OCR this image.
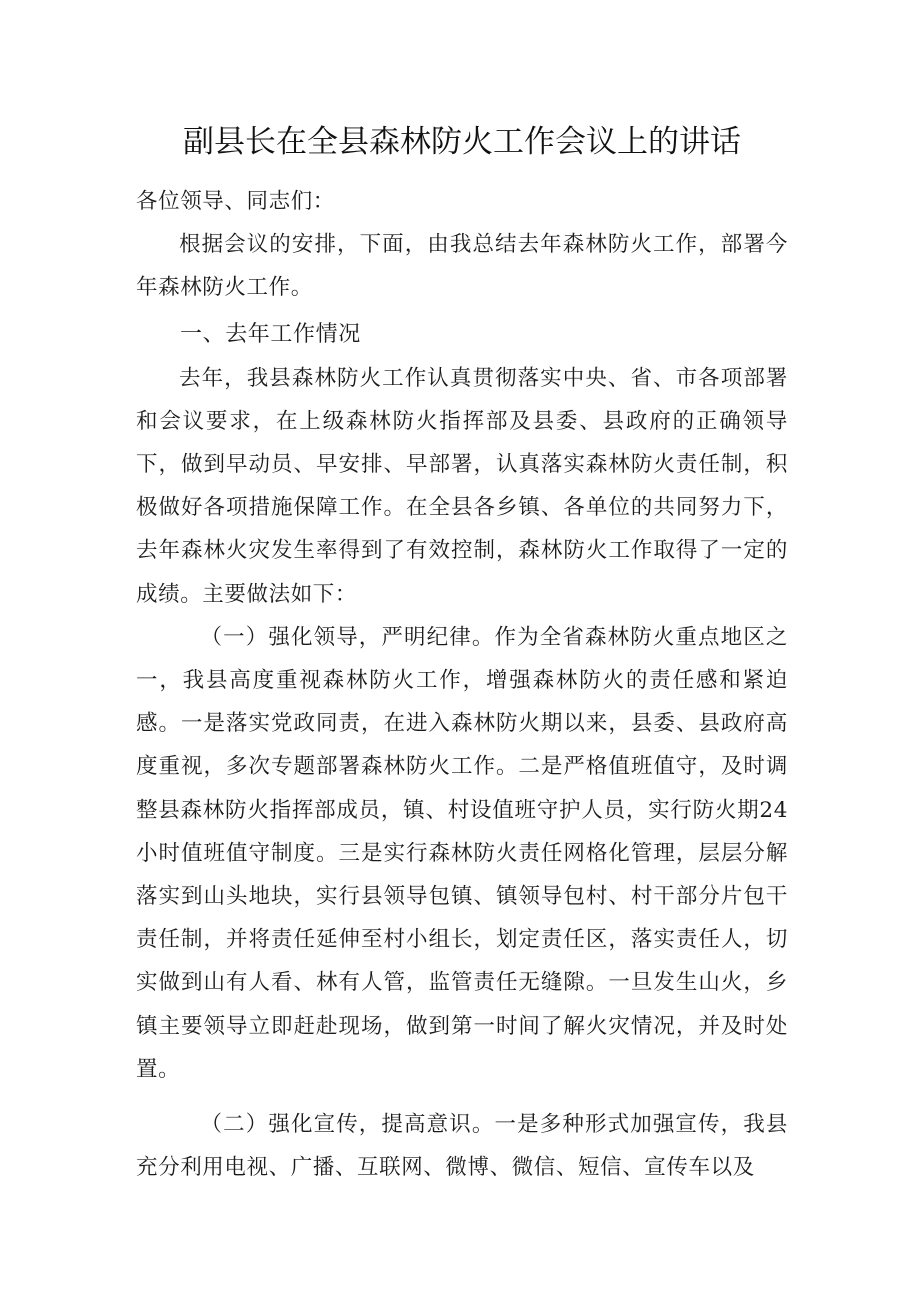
副县长在全县森林防火工作会议上的讲话

各位领导、同志们：

根据会议的安排，下面，由我总结去年森林防火工作，部署今年森林防火工作。

一、去年工作情况

去年，我县森林防火工作认真贯彻落实中央、省、市各项部署和会议要求，在上级森林防火指挥部及县委、县政府的正确领导下，做到早动员、早安排、早部署，认真落实森林防火责任制，积极做好各项措施保障工作。在全县各乡镇、各单位的共同努力下，去年森林火灾发生率得到了有效控制，森林防火工作取得了一定的成绩。主要做法如下：

（一）强化领导，严明纪律。作为全省森林防火重点地区之一，我县高度重视森林防火工作，增强森林防火的责任感和紧迫感。一是落实党政同责，在进入森林防火期以来，县委、县政府高度重视，多次专题部署森林防火工作。二是严格值班值守，及时调整县森林防火指挥部成员，镇、村设值班守护人员，实行防火期24小时值班值守制度。三是实行森林防火责任网格化管理，层层分解落实到山头地块，实行县领导包镇、镇领导包村、村干部分片包干责任制，并将责任延伸至村小组长，划定责任区，落实责任人，切实做到山有人看、林有人管，监管责任无缝隙。一旦发生山火，乡镇主要领导立即赶赴现场，做到第一时间了解火灾情况，并及时处置。

（二）强化宣传，提高意识。一是多种形式加强宣传，我县充分利用电视、广播、互联网、微博、微信、短信、宣传车以及
